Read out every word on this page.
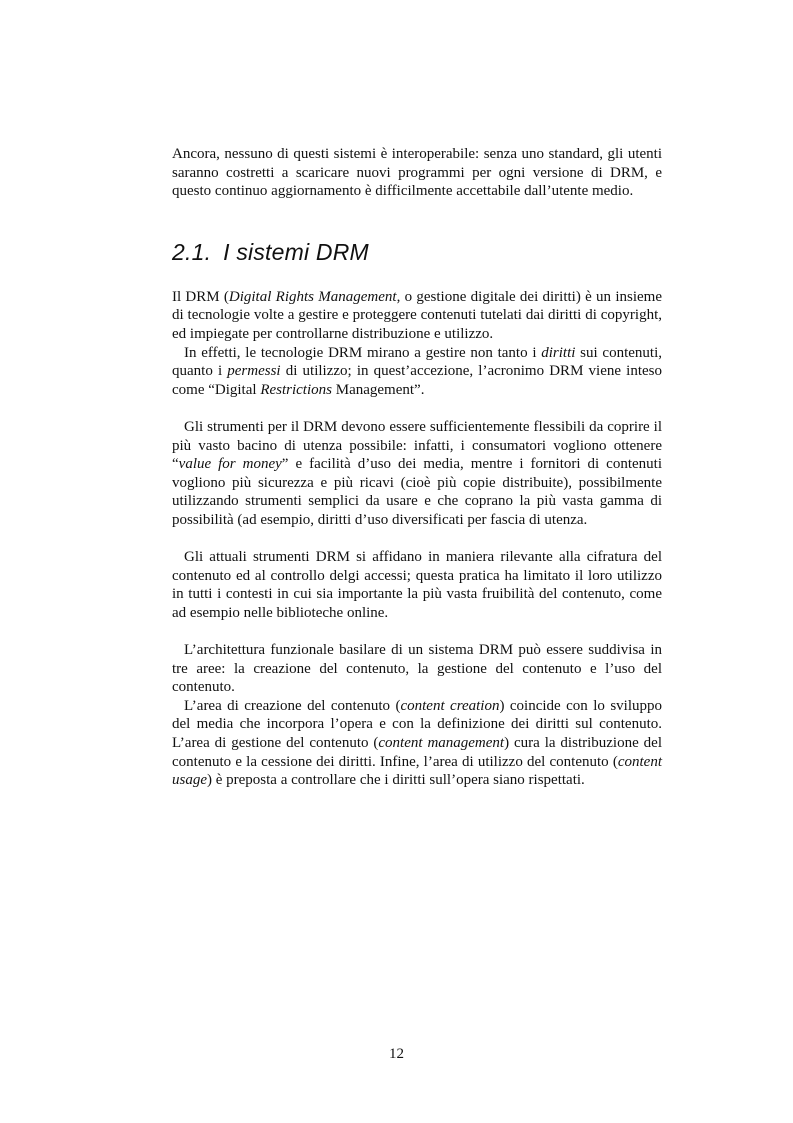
Ancora, nessuno di questi sistemi è interoperabile: senza uno standard, gli utenti saranno costretti a scaricare nuovi programmi per ogni versione di DRM, e questo continuo aggiornamento è difficilmente accettabile dall’utente medio.

2.1. I sistemi DRM

Il DRM (Digital Rights Management, o gestione digitale dei diritti) è un insieme di tecnologie volte a gestire e proteggere contenuti tutelati dai diritti di copyright, ed impiegate per controllarne distribuzione e utilizzo.

In effetti, le tecnologie DRM mirano a gestire non tanto i diritti sui contenuti, quanto i permessi di utilizzo; in quest’accezione, l’acronimo DRM viene inteso come “Digital Restrictions Management”.

Gli strumenti per il DRM devono essere sufficientemente flessibili da coprire il più vasto bacino di utenza possibile: infatti, i consumatori vogliono ottenere “value for money” e facilità d’uso dei media, mentre i fornitori di contenuti vogliono più sicurezza e più ricavi (cioè più copie distribuite), possibilmente utilizzando strumenti semplici da usare e che coprano la più vasta gamma di possibilità (ad esempio, diritti d’uso diversificati per fascia di utenza.

Gli attuali strumenti DRM si affidano in maniera rilevante alla cifratura del contenuto ed al controllo delgi accessi; questa pratica ha limitato il loro utilizzo in tutti i contesti in cui sia importante la più vasta fruibilità del contenuto, come ad esempio nelle biblioteche online.

L’architettura funzionale basilare di un sistema DRM può essere suddivisa in tre aree: la creazione del contenuto, la gestione del contenuto e l’uso del contenuto.

L’area di creazione del contenuto (content creation) coincide con lo sviluppo del media che incorpora l’opera e con la definizione dei diritti sul contenuto. L’area di gestione del contenuto (content management) cura la distribuzione del contenuto e la cessione dei diritti. Infine, l’area di utilizzo del contenuto (content usage) è preposta a controllare che i diritti sull’opera siano rispettati.

12
